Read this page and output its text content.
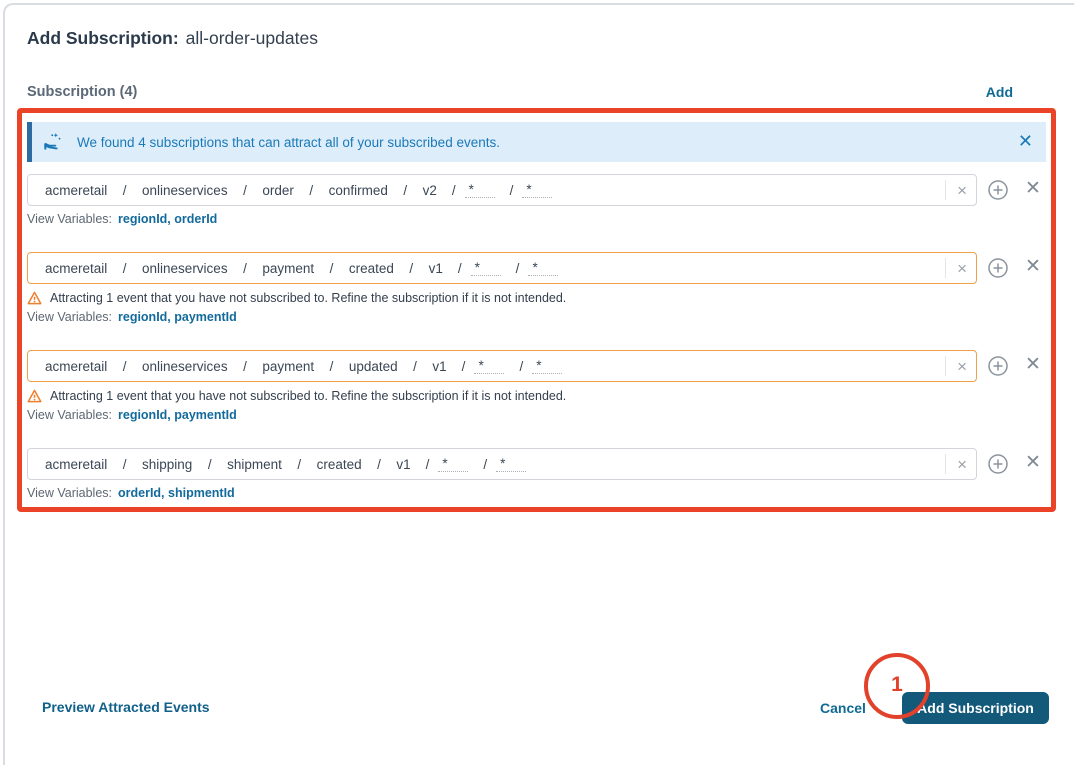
Add Subscription: all-order-updates
Subscription (4)	Add
We found 4 subscriptions that can attract all of your subscribed events.	✕
acmeretail  /  onlineservices  /  order  /  confirmed  /  v2 / *	/ *	×	✕
View Variables: regionId, orderId
acmeretail  /  onlineservices  /  payment  /  created  /  v1 / *	/ *	×	✕
Attracting 1 event that you have not subscribed to. Refine the subscription if it is not intended.
View Variables: regionId, paymentId
acmeretail  /  onlineservices  /  payment  /  updated  /  v1 / *	/ *	×	✕
Attracting 1 event that you have not subscribed to. Refine the subscription if it is not intended.
View Variables: regionId, paymentId
acmeretail  /  shipping  /  shipment  /  created  /  v1 / *	/ *	×	✕
View Variables: orderId, shipmentId
Preview Attracted Events	Cancel	Add Subscription
1
